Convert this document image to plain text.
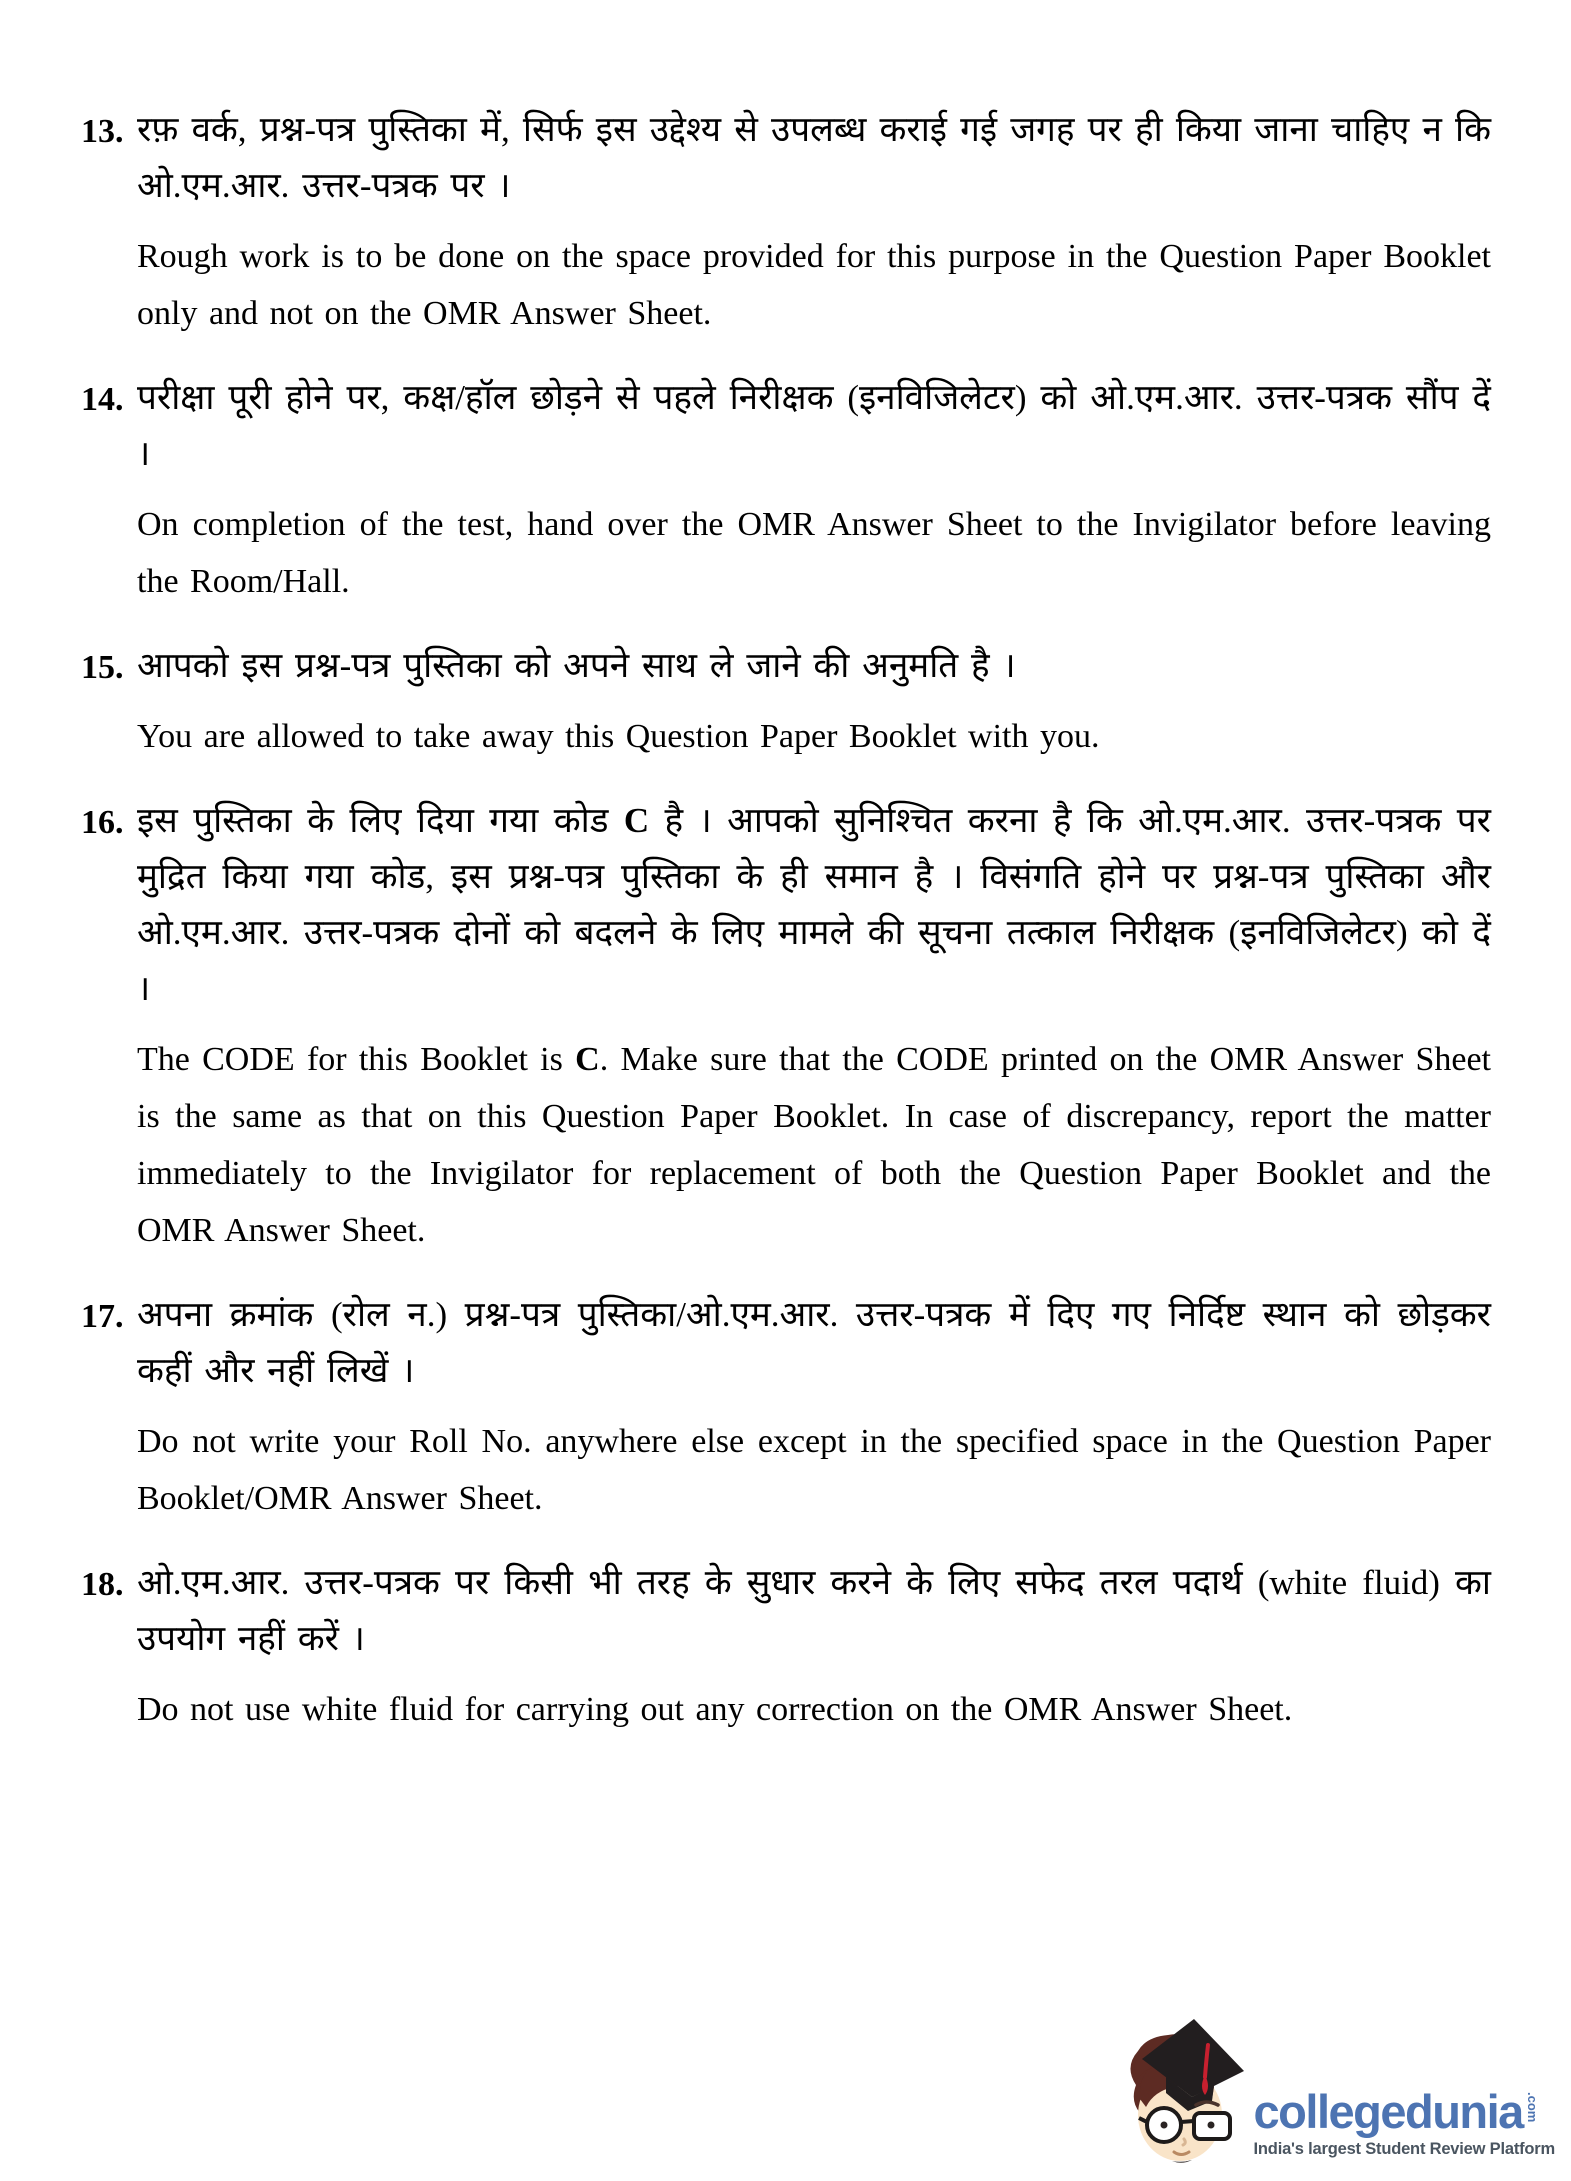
13. रफ़ वर्क, प्रश्न-पत्र पुस्तिका में, सिर्फ इस उद्देश्य से उपलब्ध कराई गई जगह पर ही किया जाना चाहिए न कि ओ.एम.आर. उत्तर-पत्रक पर ।

Rough work is to be done on the space provided for this purpose in the Question Paper Booklet only and not on the OMR Answer Sheet.

14. परीक्षा पूरी होने पर, कक्ष/हॉल छोड़ने से पहले निरीक्षक (इनविजिलेटर) को ओ.एम.आर. उत्तर-पत्रक सौंप दें ।

On completion of the test, hand over the OMR Answer Sheet to the Invigilator before leaving the Room/Hall.

15. आपको इस प्रश्न-पत्र पुस्तिका को अपने साथ ले जाने की अनुमति है ।

You are allowed to take away this Question Paper Booklet with you.

16. इस पुस्तिका के लिए दिया गया कोड C है । आपको सुनिश्चित करना है कि ओ.एम.आर. उत्तर-पत्रक पर मुद्रित किया गया कोड, इस प्रश्न-पत्र पुस्तिका के ही समान है । विसंगति होने पर प्रश्न-पत्र पुस्तिका और ओ.एम.आर. उत्तर-पत्रक दोनों को बदलने के लिए मामले की सूचना तत्काल निरीक्षक (इनविजिलेटर) को दें ।

The CODE for this Booklet is C. Make sure that the CODE printed on the OMR Answer Sheet is the same as that on this Question Paper Booklet. In case of discrepancy, report the matter immediately to the Invigilator for replacement of both the Question Paper Booklet and the OMR Answer Sheet.

17. अपना क्रमांक (रोल न.) प्रश्न-पत्र पुस्तिका/ओ.एम.आर. उत्तर-पत्रक में दिए गए निर्दिष्ट स्थान को छोड़कर कहीं और नहीं लिखें ।

Do not write your Roll No. anywhere else except in the specified space in the Question Paper Booklet/OMR Answer Sheet.

18. ओ.एम.आर. उत्तर-पत्रक पर किसी भी तरह के सुधार करने के लिए सफेद तरल पदार्थ (white fluid) का उपयोग नहीं करें ।

Do not use white fluid for carrying out any correction on the OMR Answer Sheet.

collegedunia .com
India's largest Student Review Platform
